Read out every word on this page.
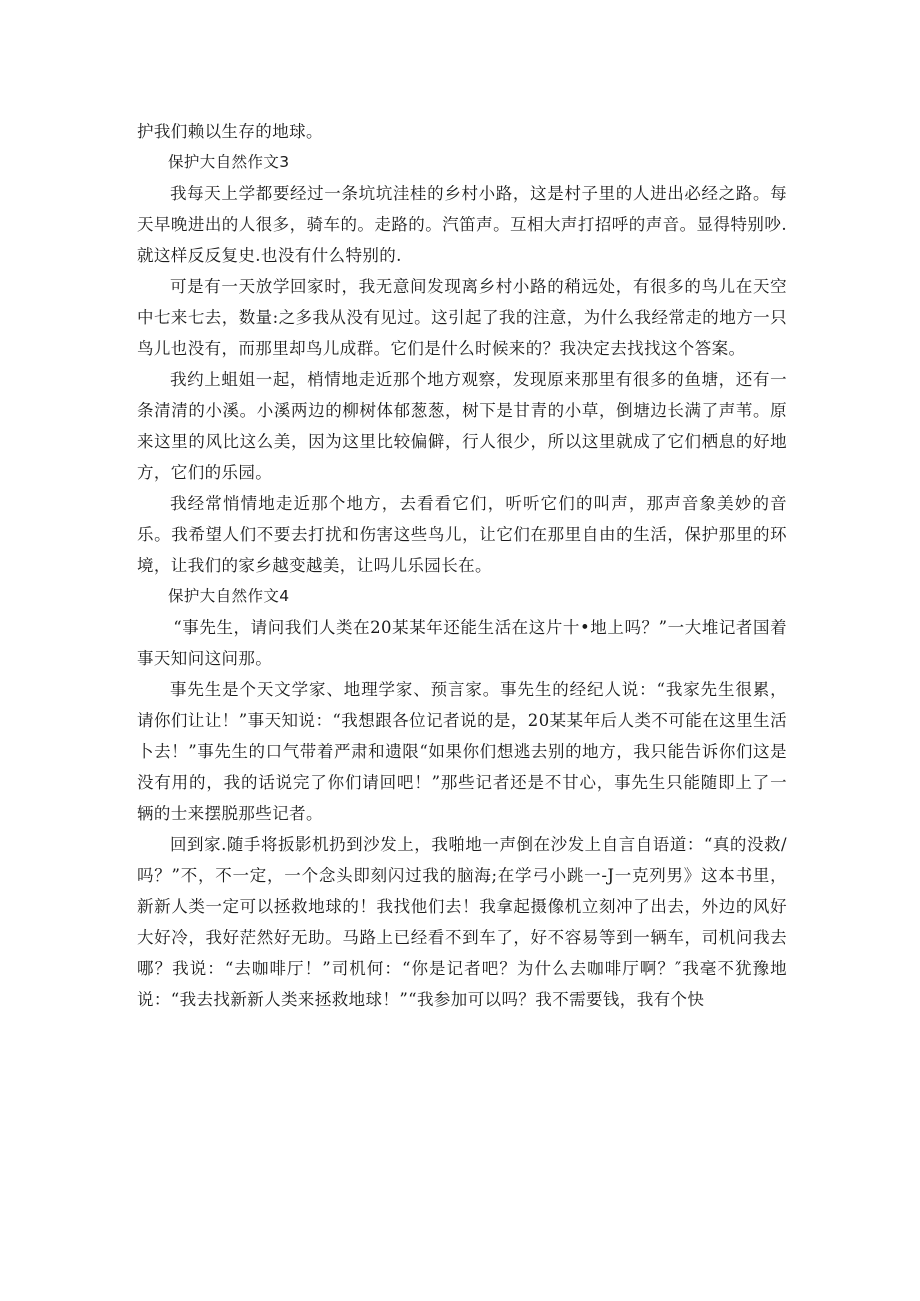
护我们赖以生存的地球。

保护大自然作文3

我每天上学都要经过一条坑坑洼桂的乡村小路，这是村子里的人进出必经之路。每天早晚进出的人很多，骑车的。走路的。汽笛声。互相大声打招呼的声音。显得特别吵.就这样反反复史.也没有什么特别的.

可是有一天放学回家时，我无意间发现离乡村小路的稍远处，有很多的鸟儿在天空中七来七去，数量:之多我从没有见过。这引起了我的注意，为什么我经常走的地方一只鸟儿也没有，而那里却鸟儿成群。它们是什么时候来的？我决定去找找这个答案。

我约上蛆姐一起，梢情地走近那个地方观察，发现原来那里有很多的鱼塘，还有一条清清的小溪。小溪两边的柳树体郁葱葱，树下是甘青的小草，倒塘边长满了声苇。原来这里的风比这么美，因为这里比较偏僻，行人很少，所以这里就成了它们栖息的好地方，它们的乐园。

我经常悄情地走近那个地方，去看看它们，听听它们的叫声，那声音象美妙的音乐。我希望人们不要去打扰和伤害这些鸟儿，让它们在那里自由的生活，保护那里的环境，让我们的家乡越变越美，让吗儿乐园长在。

保护大自然作文4

“事先生，请问我们人类在20某某年还能生活在这片十•地上吗？”一大堆记者国着事天知问这问那。

事先生是个天文学家、地理学家、预言家。事先生的经纪人说：“我家先生很累，请你们让让！”事天知说：“我想跟各位记者说的是，20某某年后人类不可能在这里生活卜去！”事先生的口气带着严肃和遗限“如果你们想逃去别的地方，我只能告诉你们这是没有用的，我的话说完了你们请回吧！”那些记者还是不甘心，事先生只能随即上了一辆的士来摆脱那些记者。

回到家.随手将扳影机扔到沙发上，我啪地一声倒在沙发上自言自语道：“真的没救/吗？”不，不一定，一个念头即刻闪过我的脑海;在学弓小跳一-J一克列男》这本书里，新新人类一定可以拯救地球的！我找他们去！我拿起摄像机立刻冲了出去，外边的风好大好冷，我好茫然好无助。马路上已经看不到车了，好不容易等到一辆车，司机问我去哪？我说：“去咖啡厅！”司机何：“你是记者吧？为什么去咖啡厅啊？″我毫不犹豫地说：“我去找新新人类来拯救地球！”“我参加可以吗？我不需要钱，我有个快
